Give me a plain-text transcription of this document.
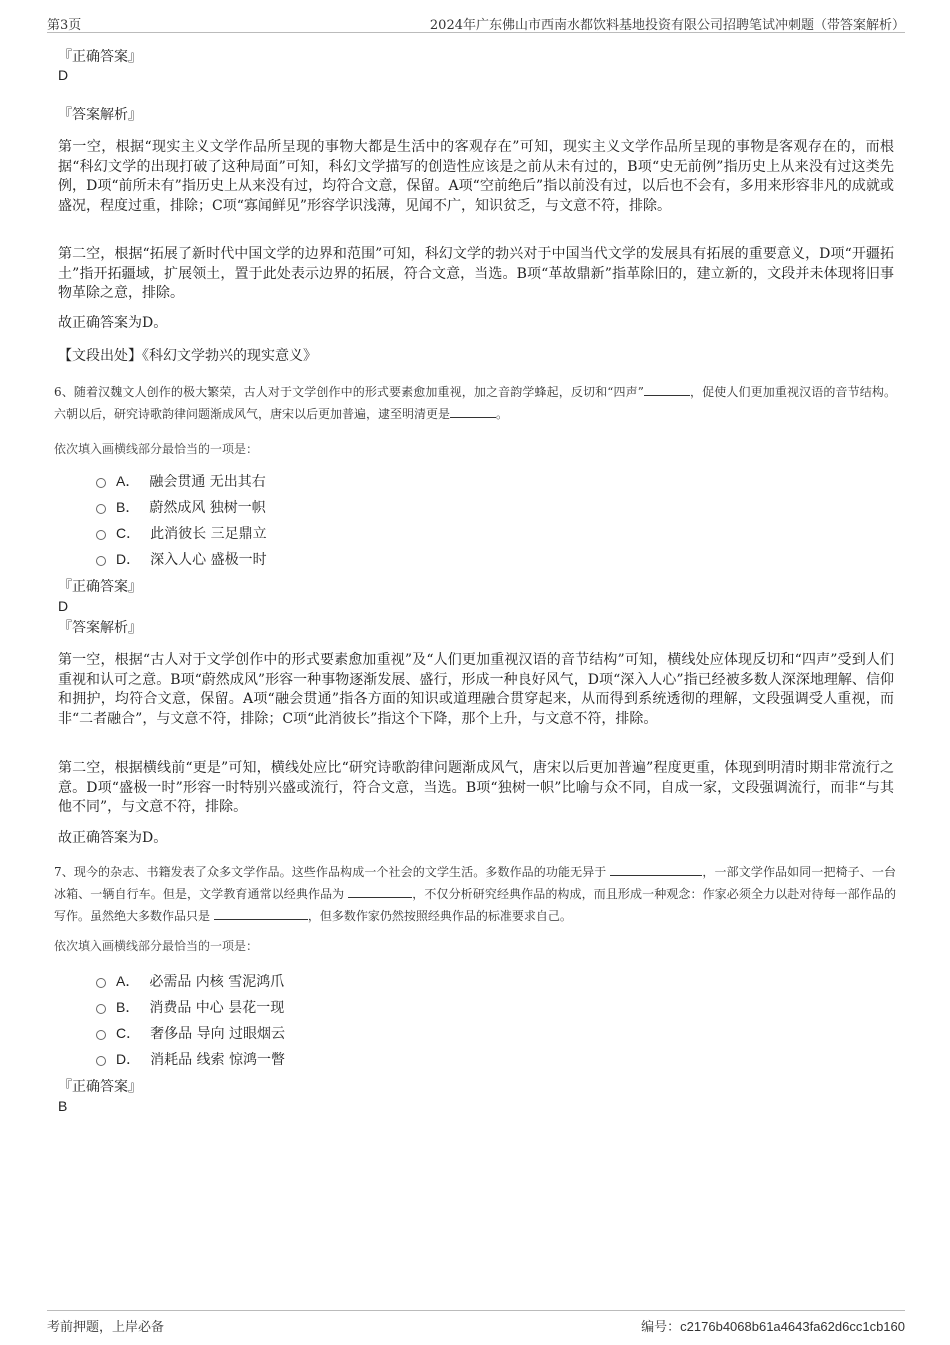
第3页	2024年广东佛山市西南水都饮料基地投资有限公司招聘笔试冲刺题（带答案解析）
『正确答案』
D
『答案解析』
第一空，根据“现实主义文学作品所呈现的事物大都是生活中的客观存在”可知，现实主义文学作品所呈现的事物是客观存在的，而根据“科幻文学的出现打破了这种局面”可知，科幻文学描写的创造性应该是之前从未有过的，B项“史无前例”指历史上从来没有过这类先例，D项“前所未有”指历史上从来没有过，均符合文意，保留。A项“空前绝后”指以前没有过，以后也不会有，多用来形容非凡的成就或盛况，程度过重，排除；C项“寡闻鲜见”形容学识浅薄，见闻不广，知识贫乏，与文意不符，排除。
第二空，根据“拓展了新时代中国文学的边界和范围”可知，科幻文学的勃兴对于中国当代文学的发展具有拓展的重要意义，D项“开疆拓土”指开拓疆域，扩展领土，置于此处表示边界的拓展，符合文意，当选。B项“革故鼎新”指革除旧的，建立新的，文段并未体现将旧事物革除之意，排除。
故正确答案为D。
【文段出处】《科幻文学勃兴的现实意义》
6、随着汉魏文人创作的极大繁荣，古人对于文学创作中的形式要素愈加重视，加之音韵学蜂起，反切和“四声”	，促使人们更加重视汉语的音节结构。六朝以后，研究诗歌韵律问题渐成风气，唐宋以后更加普遍，逮至明清更是	。
依次填入画横线部分最恰当的一项是：
A． 融会贯通 无出其右
B． 蔚然成风 独树一帜
C． 此消彼长 三足鼎立
D． 深入人心 盛极一时
『正确答案』
D
『答案解析』
第一空，根据“古人对于文学创作中的形式要素愈加重视”及“人们更加重视汉语的音节结构”可知，横线处应体现反切和“四声”受到人们重视和认可之意。B项“蔚然成风”形容一种事物逐渐发展、盛行，形成一种良好风气，D项“深入人心”指已经被多数人深深地理解、信仰和拥护，均符合文意，保留。A项“融会贯通”指各方面的知识或道理融合贯穿起来，从而得到系统透彻的理解，文段强调受人重视，而非“二者融合”，与文意不符，排除；C项“此消彼长”指这个下降，那个上升，与文意不符，排除。
第二空，根据横线前“更是”可知，横线处应比“研究诗歌韵律问题渐成风气，唐宋以后更加普遍”程度更重，体现到明清时期非常流行之意。D项“盛极一时”形容一时特别兴盛或流行，符合文意，当选。B项“独树一帜”比喻与众不同，自成一家，文段强调流行，而非“与其他不同”，与文意不符，排除。
故正确答案为D。
7、现今的杂志、书籍发表了众多文学作品。这些作品构成一个社会的文学生活。多数作品的功能无异于	，一部文学作品如同一把椅子、一台冰箱、一辆自行车。但是，文学教育通常以经典作品为	，不仅分析研究经典作品的构成，而且形成一种观念：作家必须全力以赴对待每一部作品的写作。虽然绝大多数作品只是	，但多数作家仍然按照经典作品的标准要求自己。
依次填入画横线部分最恰当的一项是：
A． 必需品 内核 雪泥鸿爪
B． 消费品 中心 昙花一现
C． 奢侈品 导向 过眼烟云
D． 消耗品 线索 惊鸿一瞥
『正确答案』
B
考前押题，上岸必备	编号：c2176b4068b61a4643fa62d6cc1cb160
